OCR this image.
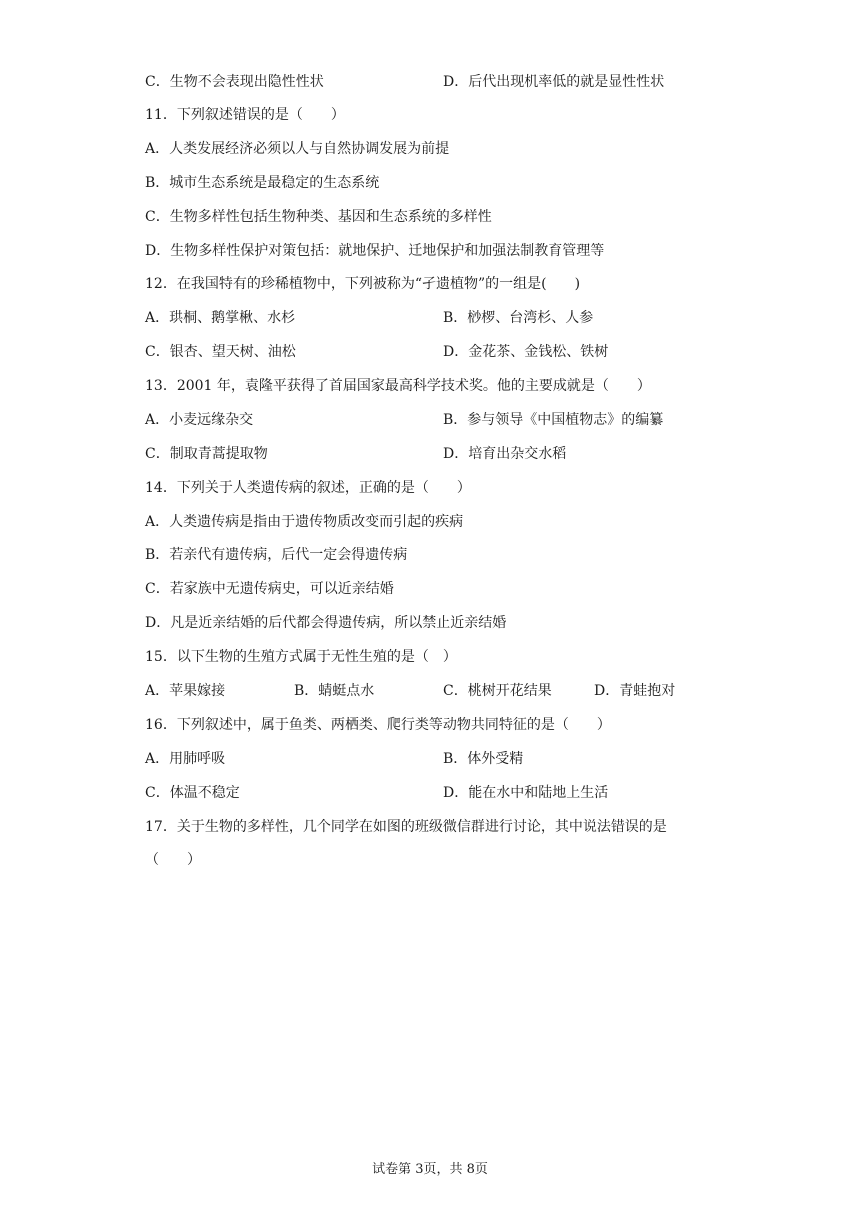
C．生物不会表现出隐性性状	D．后代出现机率低的就是显性性状
11．下列叙述错误的是（　　）
A．人类发展经济必须以人与自然协调发展为前提
B．城市生态系统是最稳定的生态系统
C．生物多样性包括生物种类、基因和生态系统的多样性
D．生物多样性保护对策包括：就地保护、迁地保护和加强法制教育管理等
12．在我国特有的珍稀植物中，下列被称为“孑遗植物”的一组是(　　)
A．珙桐、鹅掌楸、水杉	B．桫椤、台湾杉、人参
C．银杏、望天树、油松	D．金花茶、金钱松、铁树
13．2001 年，袁隆平获得了首届国家最高科学技术奖。他的主要成就是（　　）
A．小麦远缘杂交	B．参与领导《中国植物志》的编纂
C．制取青蒿提取物	D．培育出杂交水稻
14．下列关于人类遗传病的叙述，正确的是（　　）
A．人类遗传病是指由于遗传物质改变而引起的疾病
B．若亲代有遗传病，后代一定会得遗传病
C．若家族中无遗传病史，可以近亲结婚
D．凡是近亲结婚的后代都会得遗传病，所以禁止近亲结婚
15．以下生物的生殖方式属于无性生殖的是（　）
A．苹果嫁接	B．蜻蜓点水	C．桃树开花结果	D．青蛙抱对
16．下列叙述中，属于鱼类、两栖类、爬行类等动物共同特征的是（　　）
A．用肺呼吸	B．体外受精
C．体温不稳定	D．能在水中和陆地上生活
17．关于生物的多样性，几个同学在如图的班级微信群进行讨论，其中说法错误的是
（　　）
试卷第 3页，共 8页
